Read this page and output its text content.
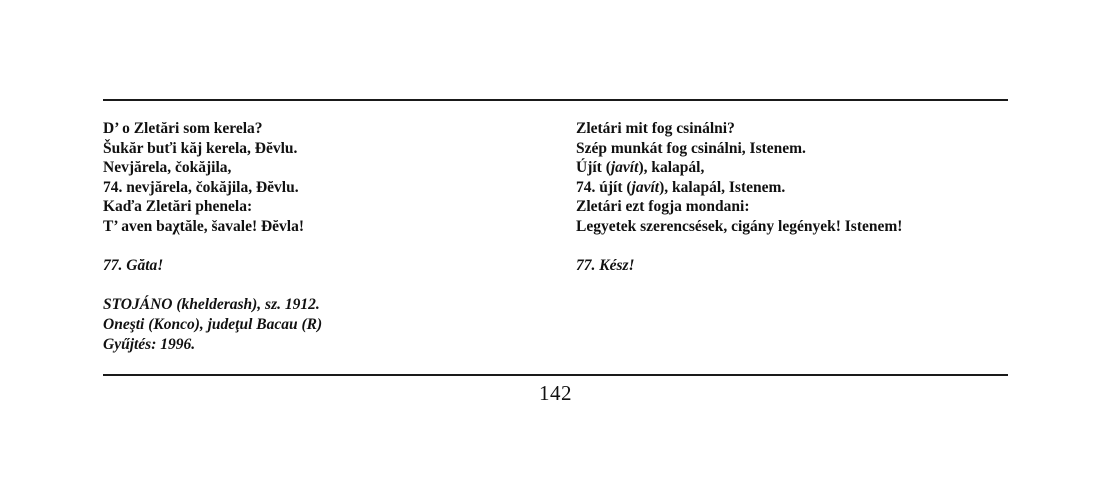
D’ o Zletări som kerela?
Šukăr buťi kăj kerela, Đĕvlu.
Nevjărela, čokăjila,
74. nevjărela, čokăjila, Đĕvlu.
Kaďa Zletări phenela:
T’ aven baχtăle, šavale! Đĕvla!
77. Găta!
STOJÁNO (khelderash), sz. 1912.
Oneşti (Konco), judeţul Bacau (R)
Gyűjtés: 1996.
Zletári mit fog csinálni?
Szép munkát fog csinálni, Istenem.
Újít (javít), kalapál,
74. újít (javít), kalapál, Istenem.
Zletári ezt fogja mondani:
Legyetek szerencsések, cigány legények! Istenem!
77. Kész!
142
